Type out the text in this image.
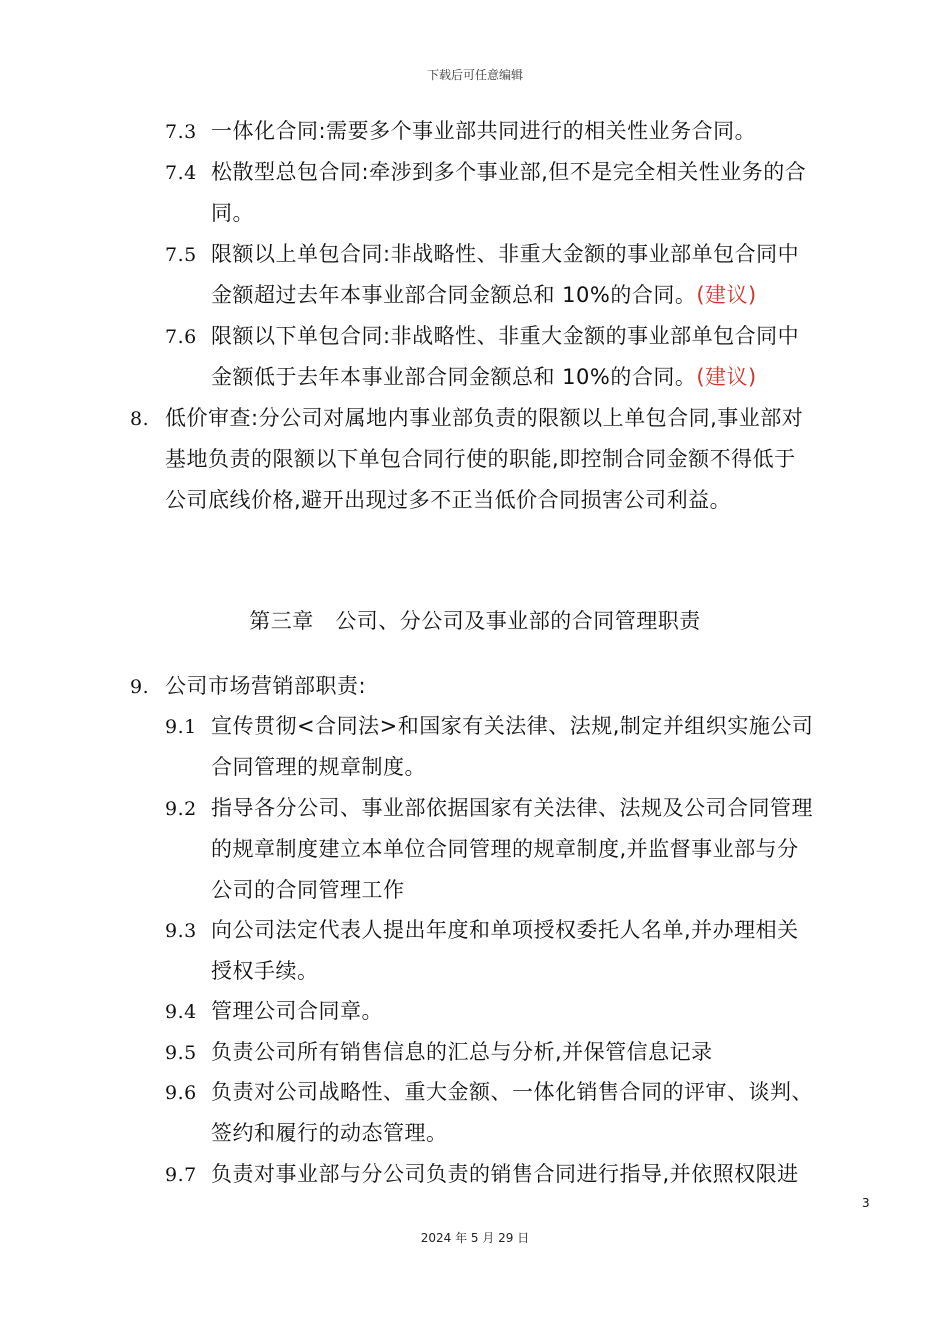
下载后可任意编辑
7.3 一体化合同:需要多个事业部共同进行的相关性业务合同。
7.4 松散型总包合同:牵涉到多个事业部,但不是完全相关性业务的合
同。
7.5 限额以上单包合同:非战略性、非重大金额的事业部单包合同中
金额超过去年本事业部合同金额总和 10%的合同。(建议)
7.6 限额以下单包合同:非战略性、非重大金额的事业部单包合同中
金额低于去年本事业部合同金额总和 10%的合同。(建议)
8. 低价审查:分公司对属地内事业部负责的限额以上单包合同,事业部对
基地负责的限额以下单包合同行使的职能,即控制合同金额不得低于
公司底线价格,避开出现过多不正当低价合同损害公司利益。
第三章　公司、分公司及事业部的合同管理职责
9. 公司市场营销部职责:
9.1 宣传贯彻<合同法>和国家有关法律、法规,制定并组织实施公司
合同管理的规章制度。
9.2 指导各分公司、事业部依据国家有关法律、法规及公司合同管理
的规章制度建立本单位合同管理的规章制度,并监督事业部与分
公司的合同管理工作
9.3 向公司法定代表人提出年度和单项授权委托人名单,并办理相关
授权手续。
9.4 管理公司合同章。
9.5 负责公司所有销售信息的汇总与分析,并保管信息记录
9.6 负责对公司战略性、重大金额、一体化销售合同的评审、谈判、
签约和履行的动态管理。
9.7 负责对事业部与分公司负责的销售合同进行指导,并依照权限进
3
2024 年 5 月 29 日
